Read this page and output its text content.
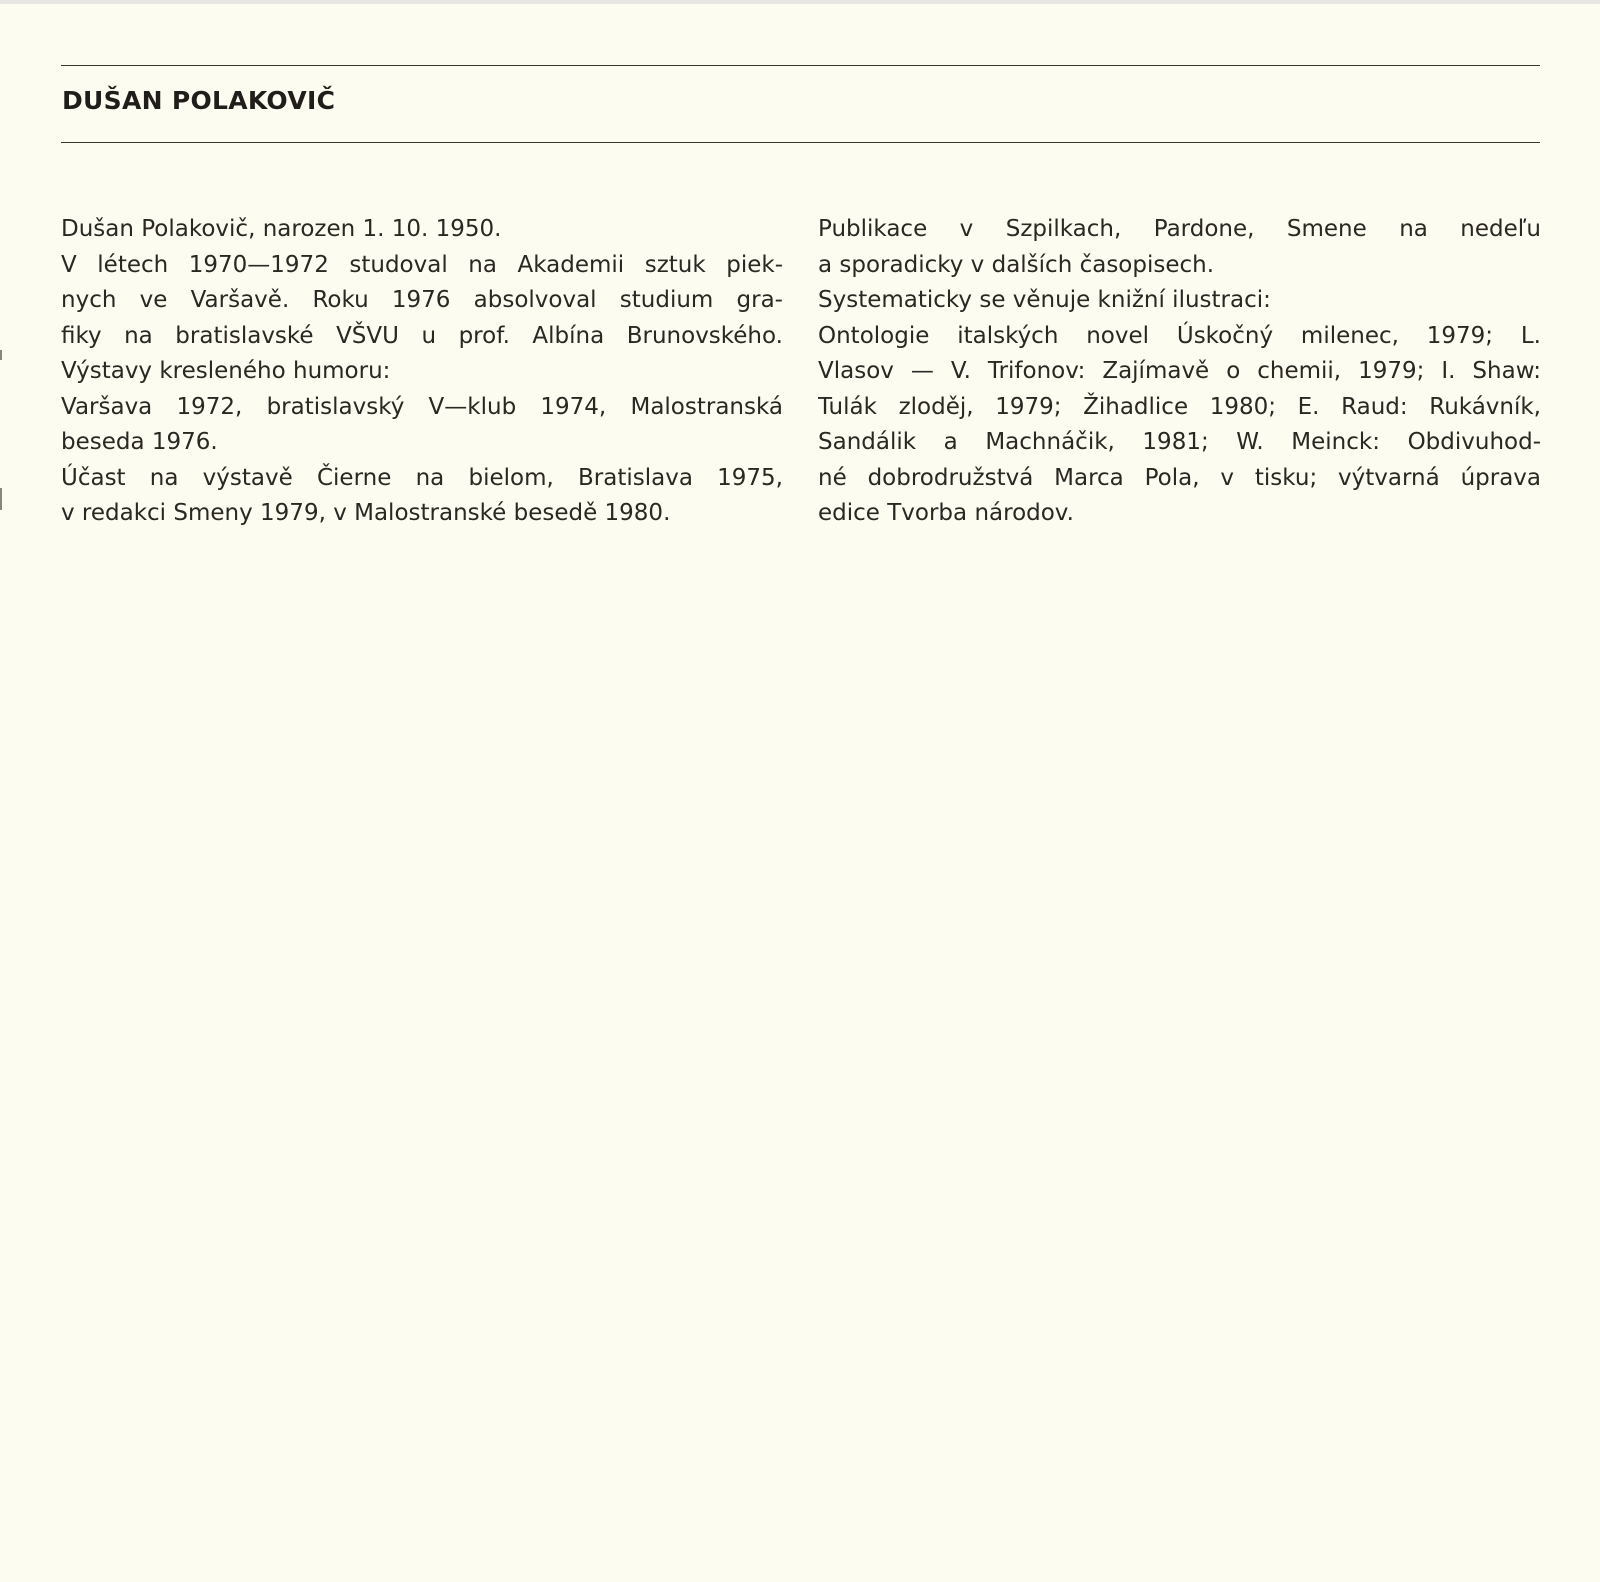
DUŠAN POLAKOVIČ
Dušan Polakovič, narozen 1. 10. 1950.
V létech 1970—1972 studoval na Akademii sztuk piek-
nych ve Varšavě. Roku 1976 absolvoval studium gra-
fiky na bratislavské VŠVU u prof. Albína Brunovského.
Výstavy kresleného humoru:
Varšava 1972, bratislavský V—klub 1974, Malostranská
beseda 1976.
Účast na výstavě Čierne na bielom, Bratislava 1975,
v redakci Smeny 1979, v Malostranské besedě 1980.
Publikace v Szpilkach, Pardone, Smene na nedeľu
a sporadicky v dalších časopisech.
Systematicky se věnuje knižní ilustraci:
Ontologie italských novel Úskočný milenec, 1979; L.
Vlasov — V. Trifonov: Zajímavě o chemii, 1979; I. Shaw:
Tulák zloděj, 1979; Žihadlice 1980; E. Raud: Rukávník,
Sandálik a Machnáčik, 1981; W. Meinck: Obdivuhod-
né dobrodružstvá Marca Pola, v tisku; výtvarná úprava
edice Tvorba národov.
